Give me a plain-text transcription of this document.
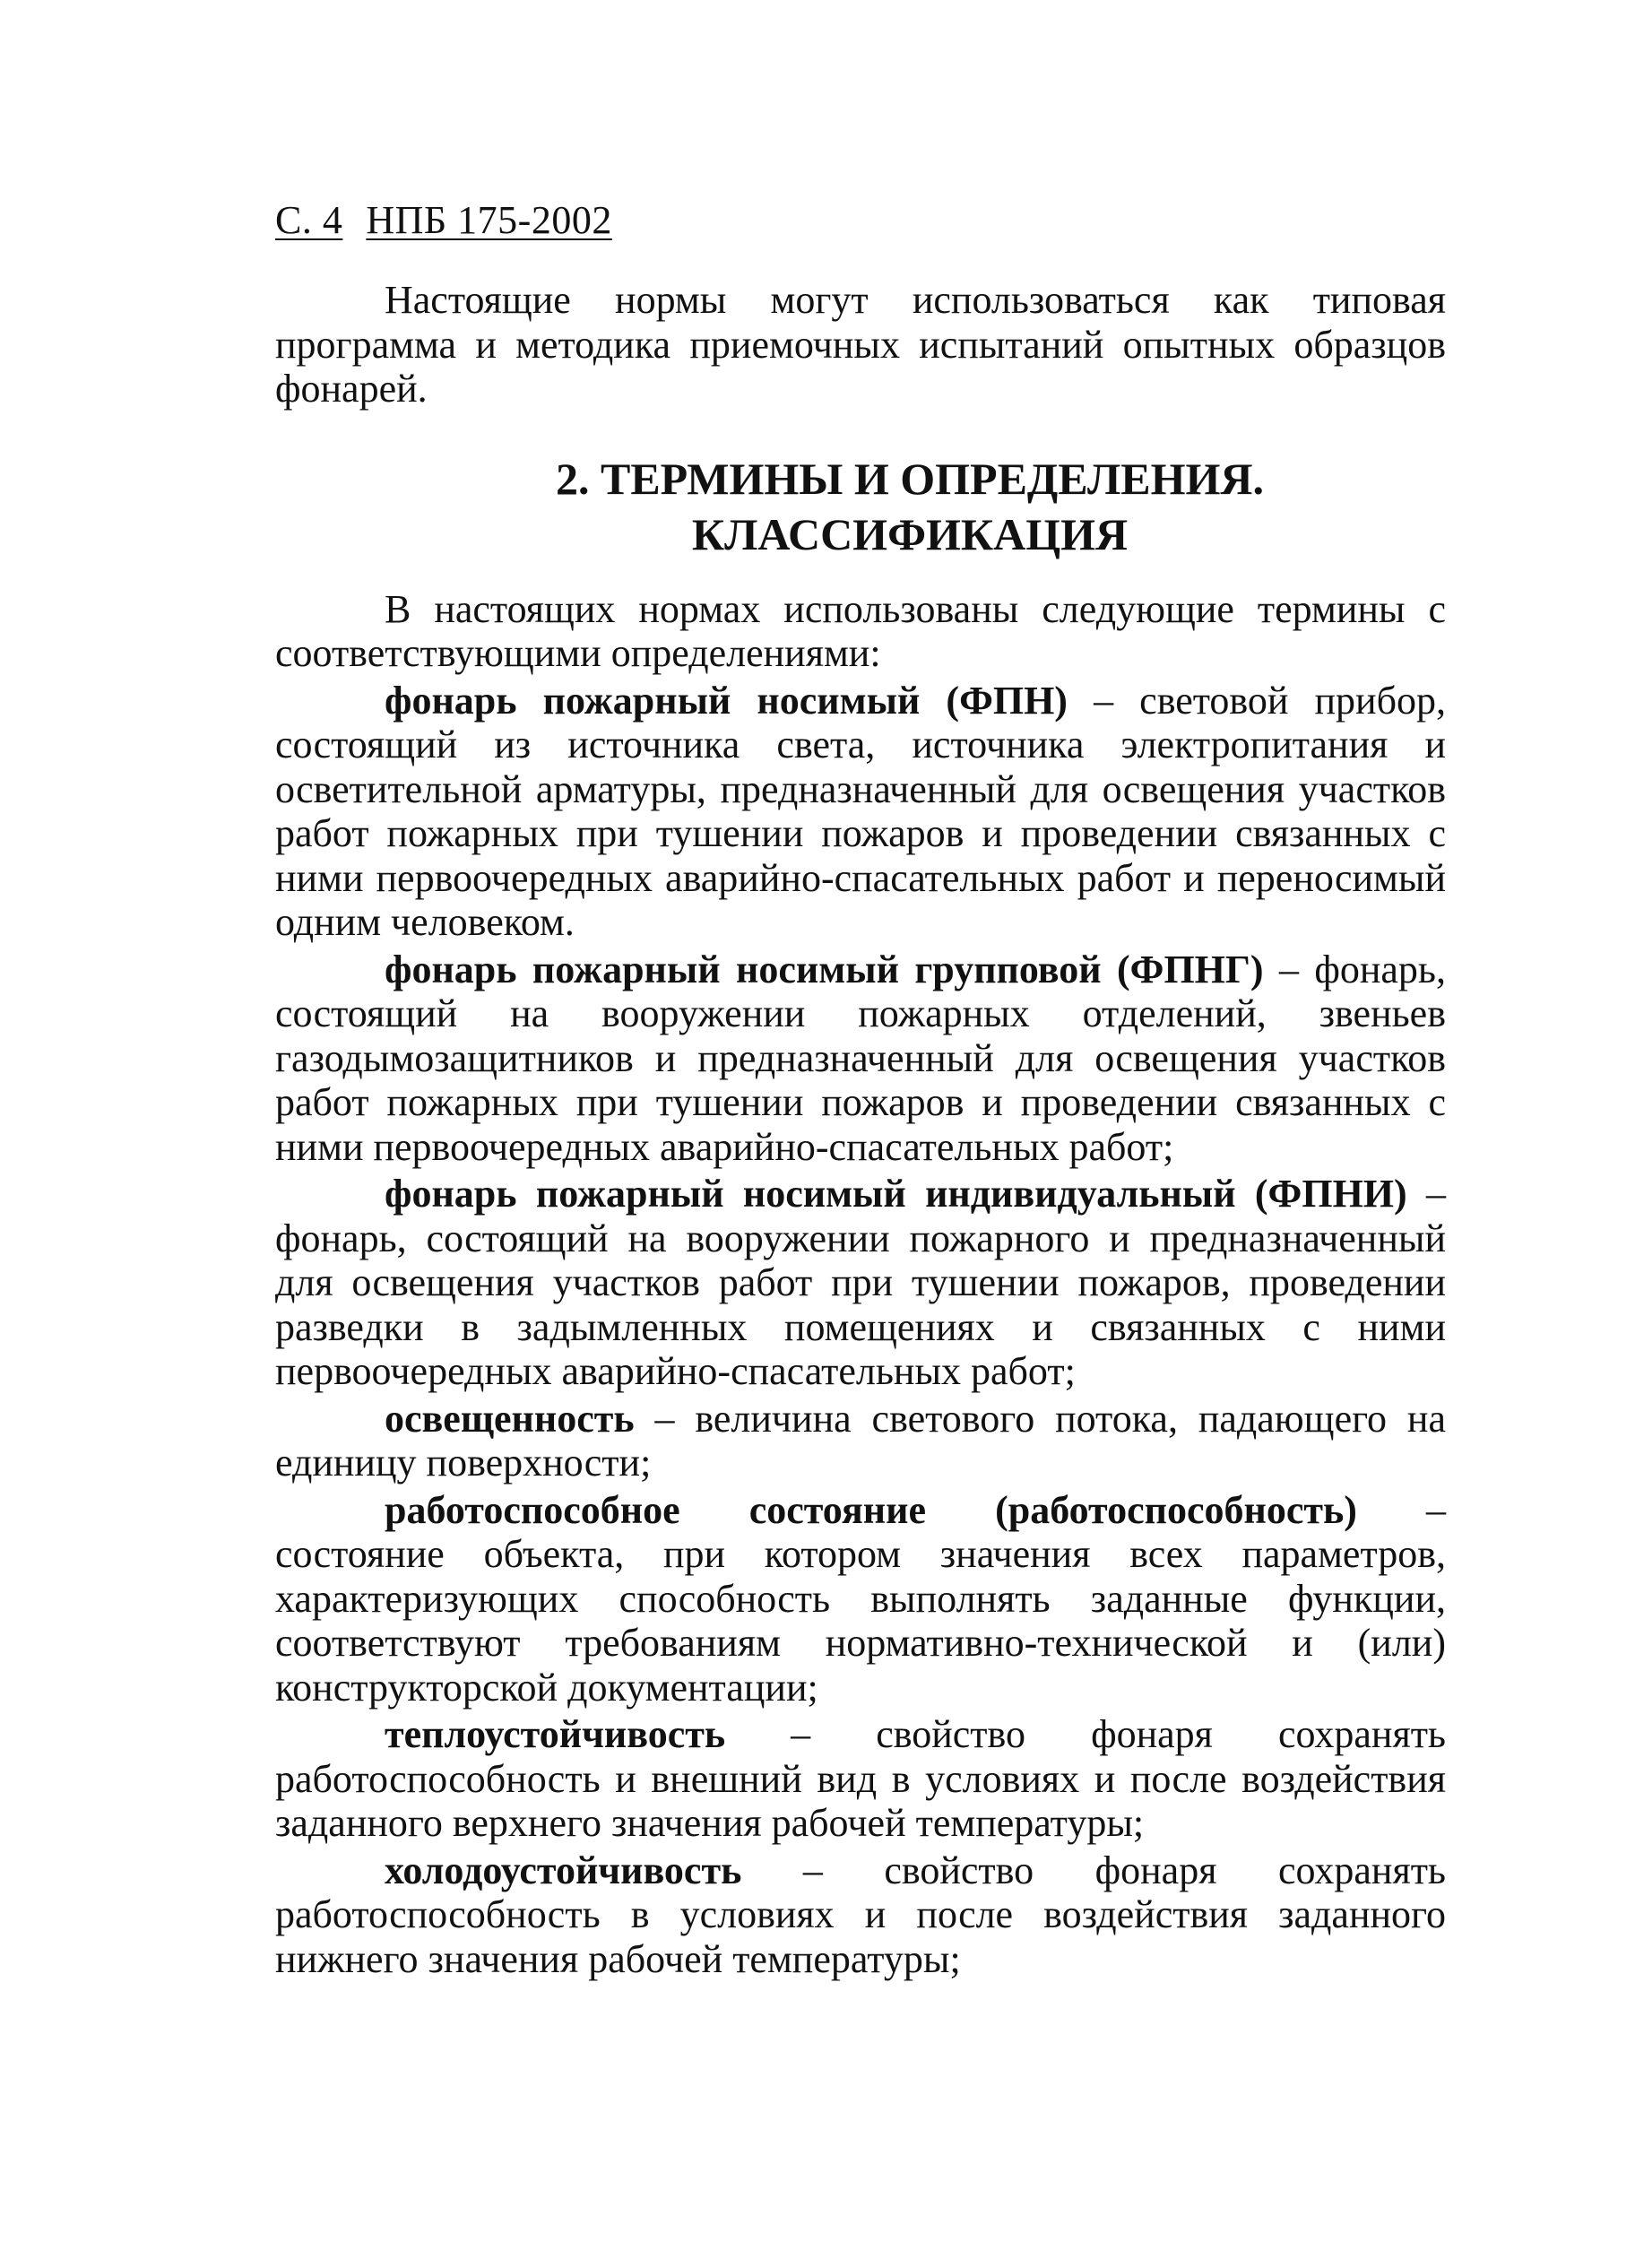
С. 4 НПБ 175-2002

Настоящие нормы могут использоваться как типовая программа и методика приемочных испытаний опытных образцов фонарей.

2. ТЕРМИНЫ И ОПРЕДЕЛЕНИЯ.
КЛАССИФИКАЦИЯ

В настоящих нормах использованы следующие термины с соответствующими определениями:

фонарь пожарный носимый (ФПН) – световой прибор, состоящий из источника света, источника электропитания и осветительной арматуры, предназначенный для освещения участков работ пожарных при тушении пожаров и проведении связанных с ними первоочередных аварийно-спасательных работ и переносимый одним человеком.

фонарь пожарный носимый групповой (ФПНГ) – фонарь, состоящий на вооружении пожарных отделений, звеньев газодымозащитников и предназначенный для освещения участков работ пожарных при тушении пожаров и проведении связанных с ними первоочередных аварийно-спасательных работ;

фонарь пожарный носимый индивидуальный (ФПНИ) – фонарь, состоящий на вооружении пожарного и предназначенный для освещения участков работ при тушении пожаров, проведении разведки в задымленных помещениях и связанных с ними первоочередных аварийно-спасательных работ;

освещенность – величина светового потока, падающего на единицу поверхности;

работоспособное состояние (работоспособность) – состояние объекта, при котором значения всех параметров, характеризующих способность выполнять заданные функции, соответствуют требованиям нормативно-технической и (или) конструкторской документации;

теплоустойчивость – свойство фонаря сохранять работоспособность и внешний вид в условиях и после воздействия заданного верхнего значения рабочей температуры;

холодоустойчивость – свойство фонаря сохранять работоспособность в условиях и после воздействия заданного нижнего значения рабочей температуры;
